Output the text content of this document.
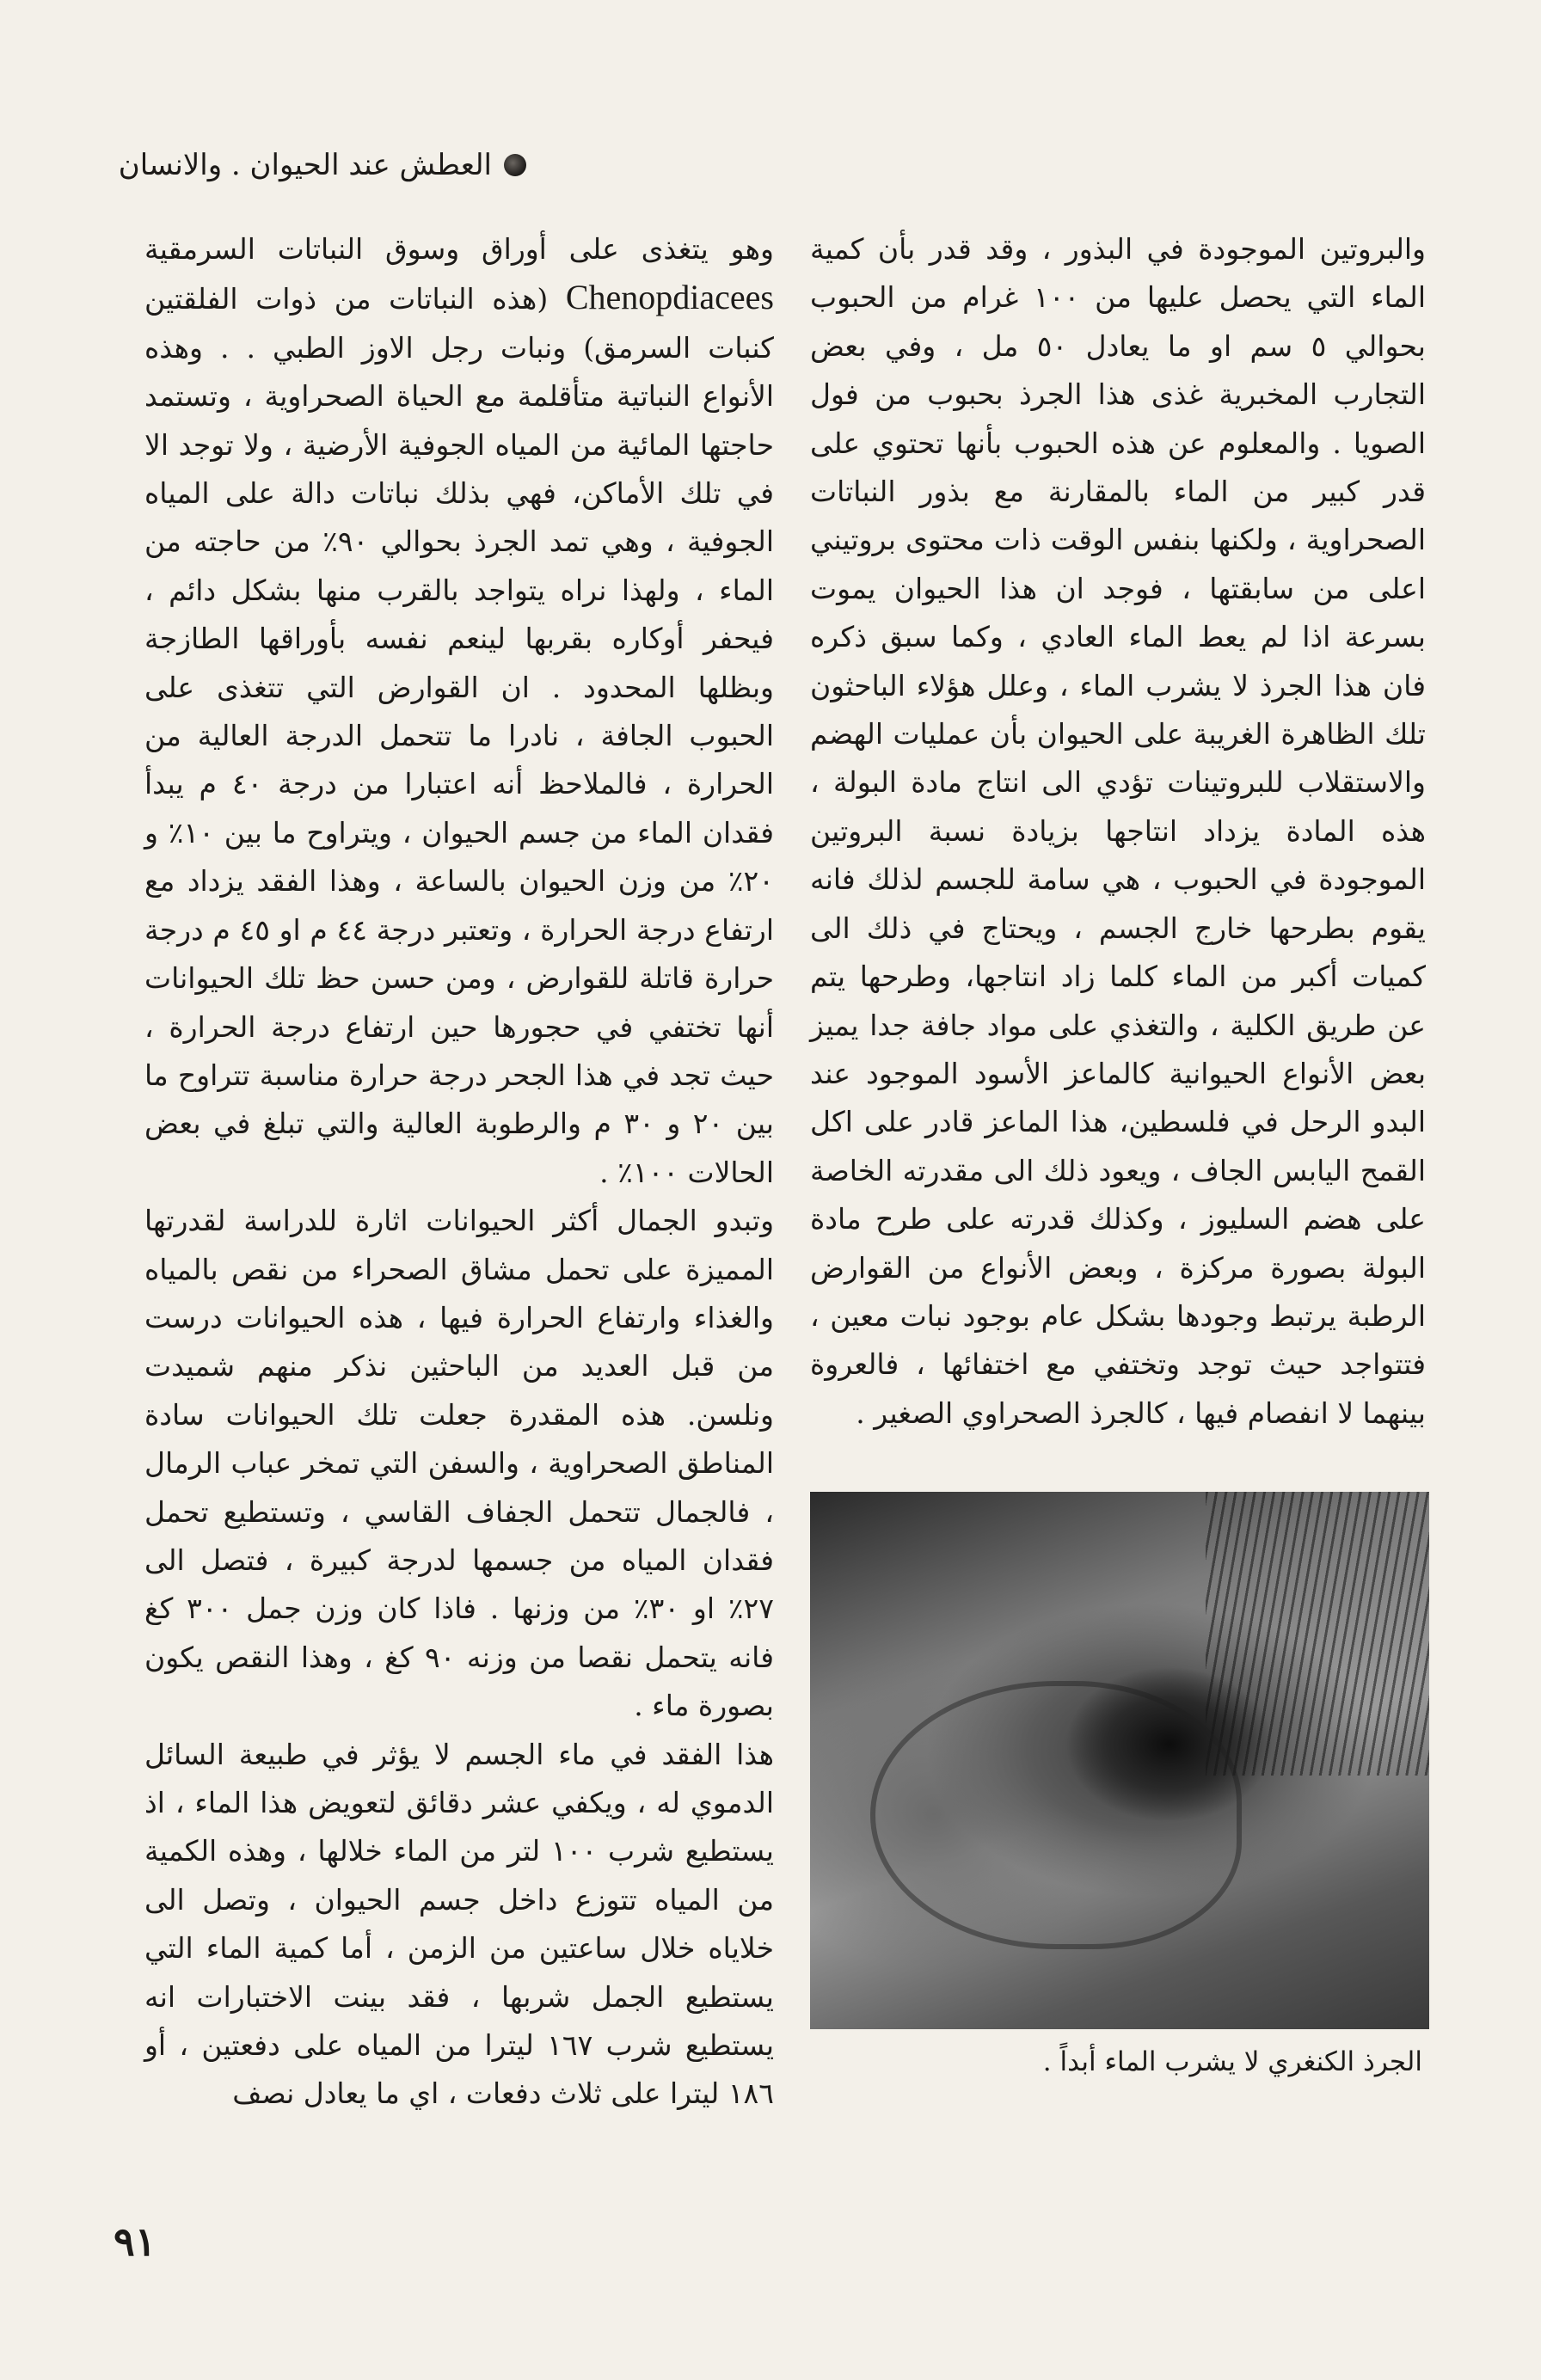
العطش عند الحيوان . والانسان

والبروتين الموجودة في البذور ، وقد قدر بأن كمية الماء التي يحصل عليها من ١٠٠ غرام من الحبوب بحوالي ٥ سم او ما يعادل ٥٠ مل ، وفي بعض التجارب المخبرية غذى هذا الجرذ بحبوب من فول الصويا . والمعلوم عن هذه الحبوب بأنها تحتوي على قدر كبير من الماء بالمقارنة مع بذور النباتات الصحراوية ، ولكنها بنفس الوقت ذات محتوى بروتيني اعلى من سابقتها ، فوجد ان هذا الحيوان يموت بسرعة اذا لم يعط الماء العادي ، وكما سبق ذكره فان هذا الجرذ لا يشرب الماء ، وعلل هؤلاء الباحثون تلك الظاهرة الغريبة على الحيوان بأن عمليات الهضم والاستقلاب للبروتينات تؤدي الى انتاج مادة البولة ، هذه المادة يزداد انتاجها بزيادة نسبة البروتين الموجودة في الحبوب ، هي سامة للجسم لذلك فانه يقوم بطرحها خارج الجسم ، ويحتاج في ذلك الى كميات أكبر من الماء كلما زاد انتاجها، وطرحها يتم عن طريق الكلية ، والتغذي على مواد جافة جدا يميز بعض الأنواع الحيوانية كالماعز الأسود الموجود عند البدو الرحل في فلسطين، هذا الماعز قادر على اكل القمح اليابس الجاف ، ويعود ذلك الى مقدرته الخاصة على هضم السليوز ، وكذلك قدرته على طرح مادة البولة بصورة مركزة ، وبعض الأنواع من القوارض الرطبة يرتبط وجودها بشكل عام بوجود نبات معين ، فتتواجد حيث توجد وتختفي مع اختفائها ، فالعروة بينهما لا انفصام فيها ، كالجرذ الصحراوي الصغير .

وهو يتغذى على أوراق وسوق النباتات السرمقية Chenopdiacees (هذه النباتات من ذوات الفلقتين كنبات السرمق) ونبات رجل الاوز الطبي . . وهذه الأنواع النباتية متأقلمة مع الحياة الصحراوية ، وتستمد حاجتها المائية من المياه الجوفية الأرضية ، ولا توجد الا في تلك الأماكن، فهي بذلك نباتات دالة على المياه الجوفية ، وهي تمد الجرذ بحوالي ٩٠٪ من حاجته من الماء ، ولهذا نراه يتواجد بالقرب منها بشكل دائم ، فيحفر أوكاره بقربها لينعم نفسه بأوراقها الطازجة وبظلها المحدود . ان القوارض التي تتغذى على الحبوب الجافة ، نادرا ما تتحمل الدرجة العالية من الحرارة ، فالملاحظ أنه اعتبارا من درجة ٤٠ م يبدأ فقدان الماء من جسم الحيوان ، ويتراوح ما بين ١٠٪ و ٢٠٪ من وزن الحيوان بالساعة ، وهذا الفقد يزداد مع ارتفاع درجة الحرارة ، وتعتبر درجة ٤٤ م او ٤٥ م درجة حرارة قاتلة للقوارض ، ومن حسن حظ تلك الحيوانات أنها تختفي في حجورها حين ارتفاع درجة الحرارة ، حيث تجد في هذا الجحر درجة حرارة مناسبة تتراوح ما بين ٢٠ و ٣٠ م والرطوبة العالية والتي تبلغ في بعض الحالات ١٠٠٪ .

وتبدو الجمال أكثر الحيوانات اثارة للدراسة لقدرتها المميزة على تحمل مشاق الصحراء من نقص بالمياه والغذاء وارتفاع الحرارة فيها ، هذه الحيوانات درست من قبل العديد من الباحثين نذكر منهم شميدت ونلسن. هذه المقدرة جعلت تلك الحيوانات سادة المناطق الصحراوية ، والسفن التي تمخر عباب الرمال ، فالجمال تتحمل الجفاف القاسي ، وتستطيع تحمل فقدان المياه من جسمها لدرجة كبيرة ، فتصل الى ٢٧٪ او ٣٠٪ من وزنها . فاذا كان وزن جمل ٣٠٠ كغ فانه يتحمل نقصا من وزنه ٩٠ كغ ، وهذا النقص يكون بصورة ماء .

هذا الفقد في ماء الجسم لا يؤثر في طبيعة السائل الدموي له ، ويكفي عشر دقائق لتعويض هذا الماء ، اذ يستطيع شرب ١٠٠ لتر من الماء خلالها ، وهذه الكمية من المياه تتوزع داخل جسم الحيوان ، وتصل الى خلاياه خلال ساعتين من الزمن ، أما كمية الماء التي يستطيع الجمل شربها ، فقد بينت الاختبارات انه يستطيع شرب ١٦٧ ليترا من المياه على دفعتين ، أو ١٨٦ ليترا على ثلاث دفعات ، اي ما يعادل نصف

الجرذ الكنغري لا يشرب الماء أبداً .
٩١
